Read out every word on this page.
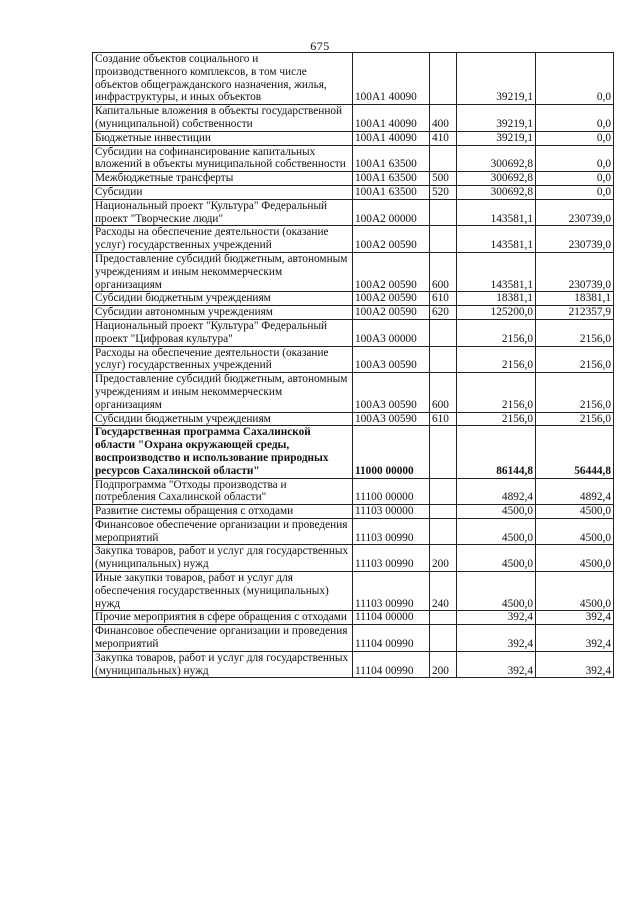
675
Создание объектов социального и производственного комплексов, в том числе объектов общегражданского назначения, жилья, инфраструктуры, и иных объектов	100А1 40090		39219,1	0,0
Капитальные вложения в объекты государственной (муниципальной) собственности	100А1 40090	400	39219,1	0,0
Бюджетные инвестиции	100А1 40090	410	39219,1	0,0
Субсидии на софинансирование капитальных вложений в объекты муниципальной собственности	100А1 63500		300692,8	0,0
Межбюджетные трансферты	100А1 63500	500	300692,8	0,0
Субсидии	100А1 63500	520	300692,8	0,0
Национальный проект "Культура" Федеральный проект "Творческие люди"	100А2 00000		143581,1	230739,0
Расходы на обеспечение деятельности (оказание услуг) государственных учреждений	100А2 00590		143581,1	230739,0
Предоставление субсидий бюджетным, автономным учреждениям и иным некоммерческим организациям	100А2 00590	600	143581,1	230739,0
Субсидии бюджетным учреждениям	100А2 00590	610	18381,1	18381,1
Субсидии автономным учреждениям	100А2 00590	620	125200,0	212357,9
Национальный проект "Культура" Федеральный проект "Цифровая культура"	100А3 00000		2156,0	2156,0
Расходы на обеспечение деятельности (оказание услуг) государственных учреждений	100А3 00590		2156,0	2156,0
Предоставление субсидий бюджетным, автономным учреждениям и иным некоммерческим организациям	100А3 00590	600	2156,0	2156,0
Субсидии бюджетным учреждениям	100А3 00590	610	2156,0	2156,0
Государственная программа Сахалинской области "Охрана окружающей среды, воспроизводство и использование природных ресурсов Сахалинской области"	11000 00000		86144,8	56444,8
Подпрограмма "Отходы производства и потребления Сахалинской области"	11100 00000		4892,4	4892,4
Развитие системы обращения с отходами	11103 00000		4500,0	4500,0
Финансовое обеспечение организации и проведения мероприятий	11103 00990		4500,0	4500,0
Закупка товаров, работ и услуг для государственных (муниципальных) нужд	11103 00990	200	4500,0	4500,0
Иные закупки товаров, работ и услуг для обеспечения государственных (муниципальных) нужд	11103 00990	240	4500,0	4500,0
Прочие мероприятия в сфере обращения с отходами	11104 00000		392,4	392,4
Финансовое обеспечение организации и проведения мероприятий	11104 00990		392,4	392,4
Закупка товаров, работ и услуг для государственных (муниципальных) нужд	11104 00990	200	392,4	392,4
